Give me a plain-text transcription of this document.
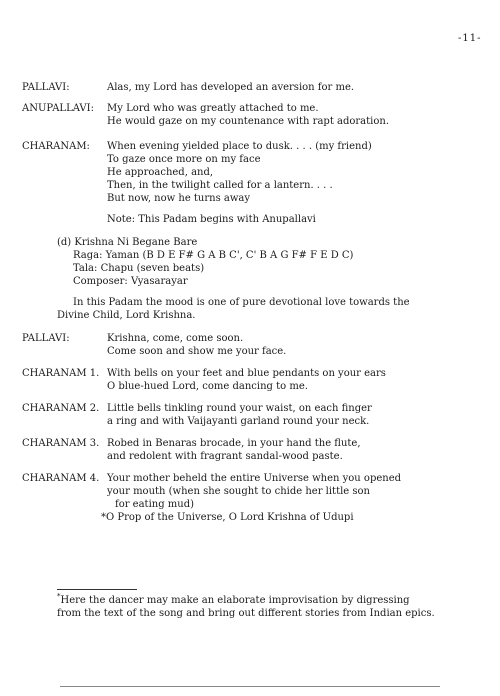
-11-
PALLAVI:	Alas, my Lord has developed an aversion for me.
ANUPALLAVI: My Lord who was greatly attached to me.
He would gaze on my countenance with rapt adoration.
CHARANAM: When evening yielded place to dusk. . . . (my friend)
To gaze once more on my face
He approached, and,
Then, in the twilight called for a lantern. . . .
But now, now he turns away
Note: This Padam begins with Anupallavi
(d) Krishna Ni Begane Bare
Raga: Yaman (B D E F# G A B C', C' B A G F# F E D C)
Tala: Chapu (seven beats)
Composer: Vyasarayar
In this Padam the mood is one of pure devotional love towards the
Divine Child, Lord Krishna.
PALLAVI:	Krishna, come, come soon.
Come soon and show me your face.
CHARANAM 1. With bells on your feet and blue pendants on your ears
O blue-hued Lord, come dancing to me.
CHARANAM 2. Little bells tinkling round your waist, on each finger
a ring and with Vaijayanti garland round your neck.
CHARANAM 3. Robed in Benaras brocade, in your hand the flute,
and redolent with fragrant sandal-wood paste.
CHARANAM 4. Your mother beheld the entire Universe when you opened
your mouth (when she sought to chide her little son
for eating mud)
*O Prop of the Universe, O Lord Krishna of Udupi
*Here the dancer may make an elaborate improvisation by digressing
from the text of the song and bring out different stories from Indian epics.
